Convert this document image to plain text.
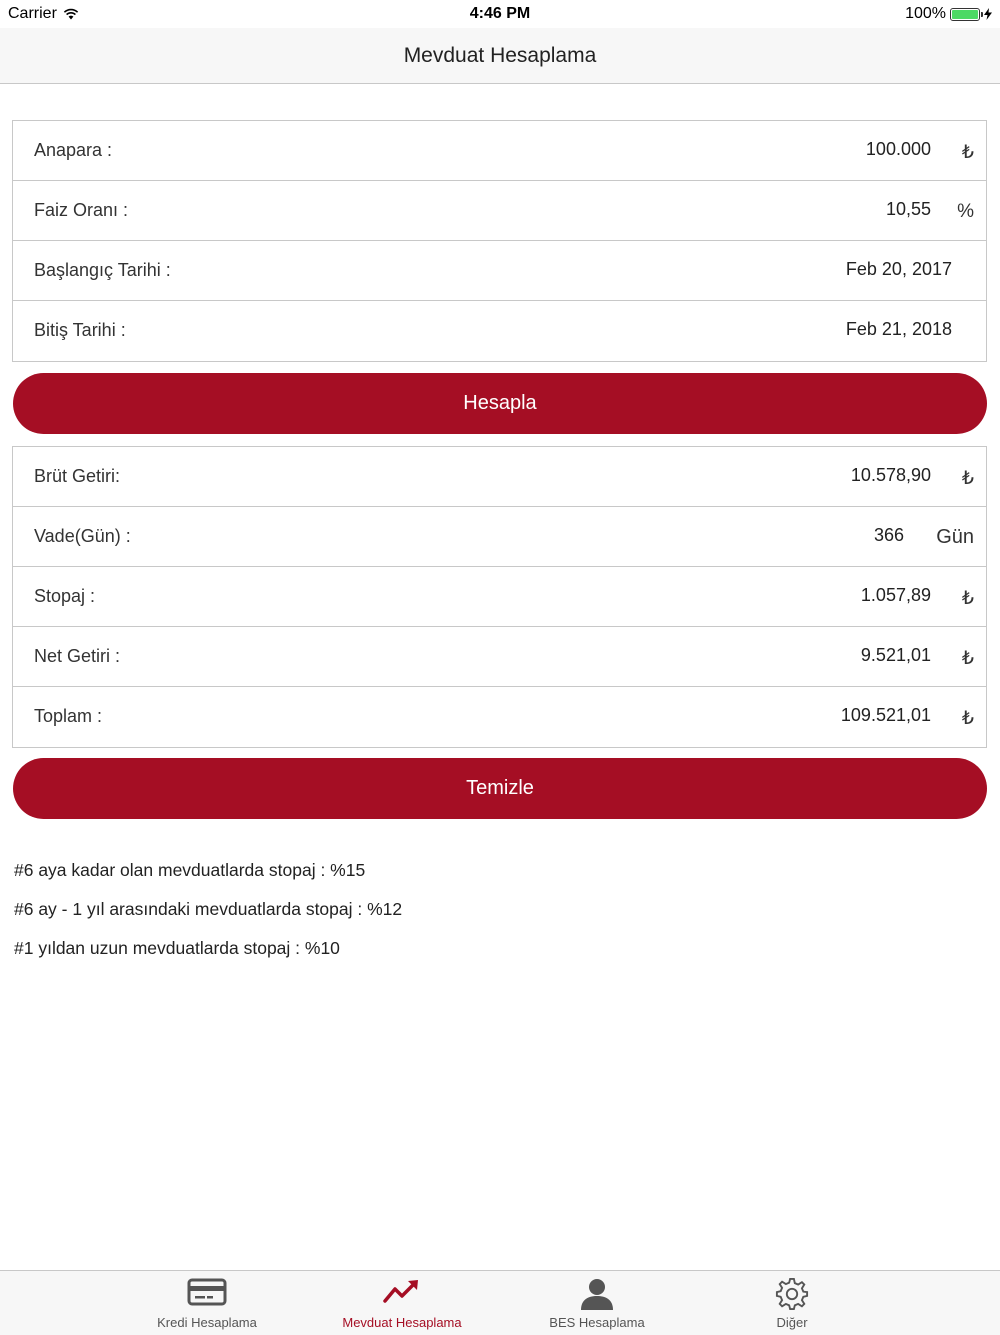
Carrier	4:46 PM	100%
Mevduat Hesaplama
Anapara :	100.000 ₺
Faiz Oranı :	10,55 %
Başlangıç Tarihi :	Feb 20, 2017
Bitiş Tarihi :	Feb 21, 2018
Hesapla
Brüt Getiri:	10.578,90 ₺
Vade(Gün) :	366 Gün
Stopaj :	1.057,89 ₺
Net Getiri :	9.521,01 ₺
Toplam :	109.521,01 ₺
Temizle
#6 aya kadar olan mevduatlarda stopaj : %15
#6 ay - 1 yıl arasındaki mevduatlarda stopaj : %12
#1 yıldan uzun mevduatlarda stopaj : %10
Kredi Hesaplama	Mevduat Hesaplama	BES Hesaplama	Diğer
